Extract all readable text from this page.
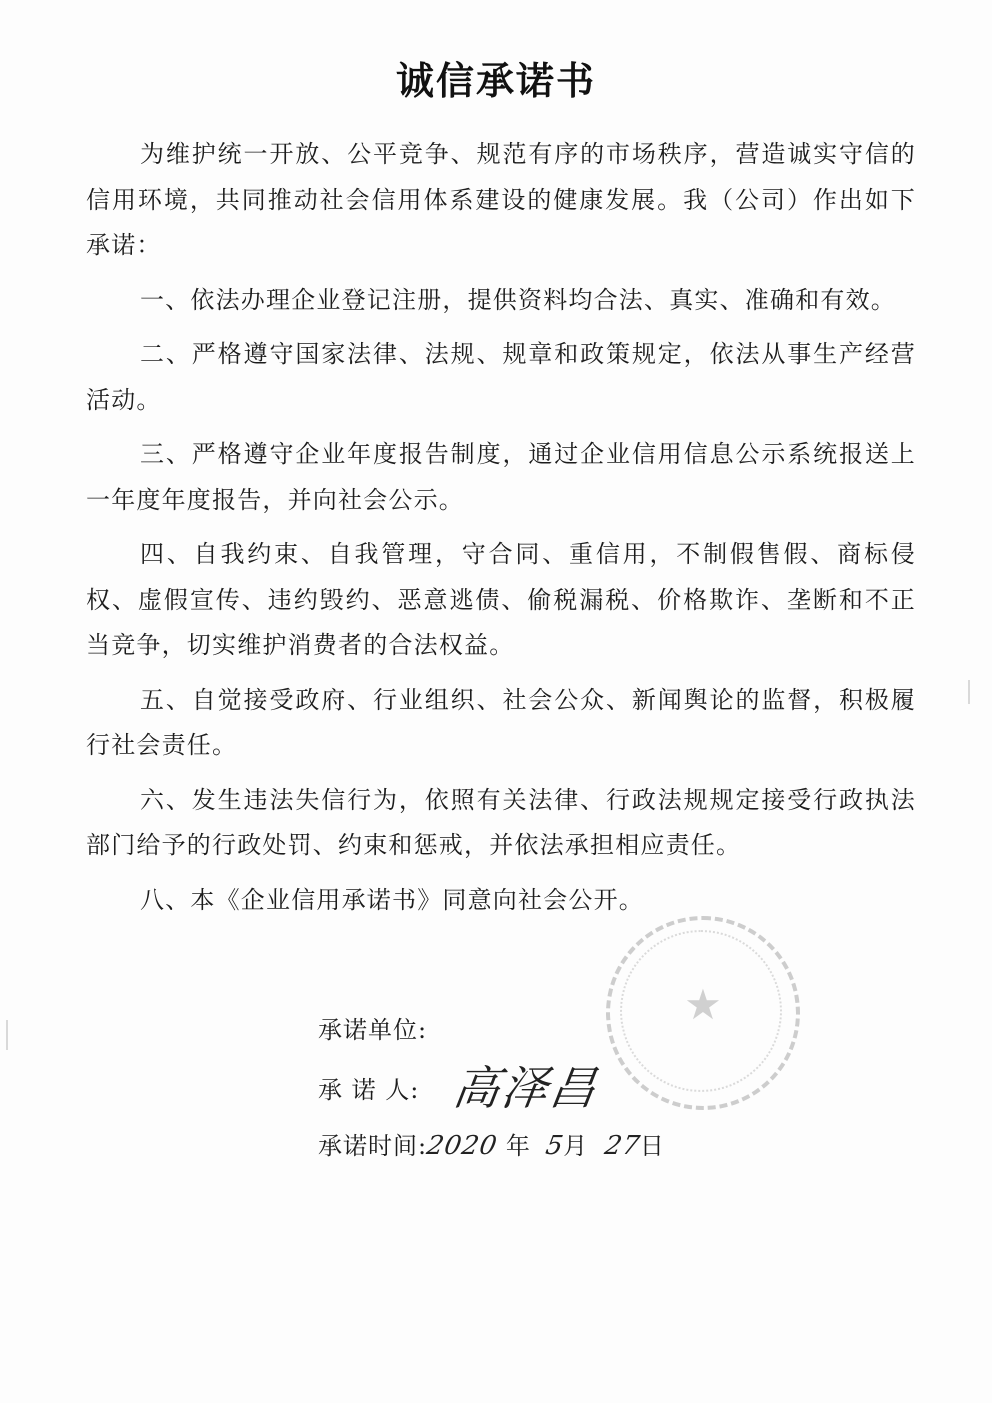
诚信承诺书

为维护统一开放、公平竞争、规范有序的市场秩序，营造诚实守信的信用环境，共同推动社会信用体系建设的健康发展。我（公司）作出如下承诺：

一、依法办理企业登记注册，提供资料均合法、真实、准确和有效。

二、严格遵守国家法律、法规、规章和政策规定，依法从事生产经营活动。

三、严格遵守企业年度报告制度，通过企业信用信息公示系统报送上一年度年度报告，并向社会公示。

四、自我约束、自我管理，守合同、重信用，不制假售假、商标侵权、虚假宣传、违约毁约、恶意逃债、偷税漏税、价格欺诈、垄断和不正当竞争，切实维护消费者的合法权益。

五、自觉接受政府、行业组织、社会公众、新闻舆论的监督，积极履行社会责任。

六、发生违法失信行为，依照有关法律、行政法规规定接受行政执法部门给予的行政处罚、约束和惩戒，并依法承担相应责任。

八、本《企业信用承诺书》同意向社会公开。

★
承诺单位:
承 诺 人: 高泽昌
承诺时间:2020 年 5月 27日
